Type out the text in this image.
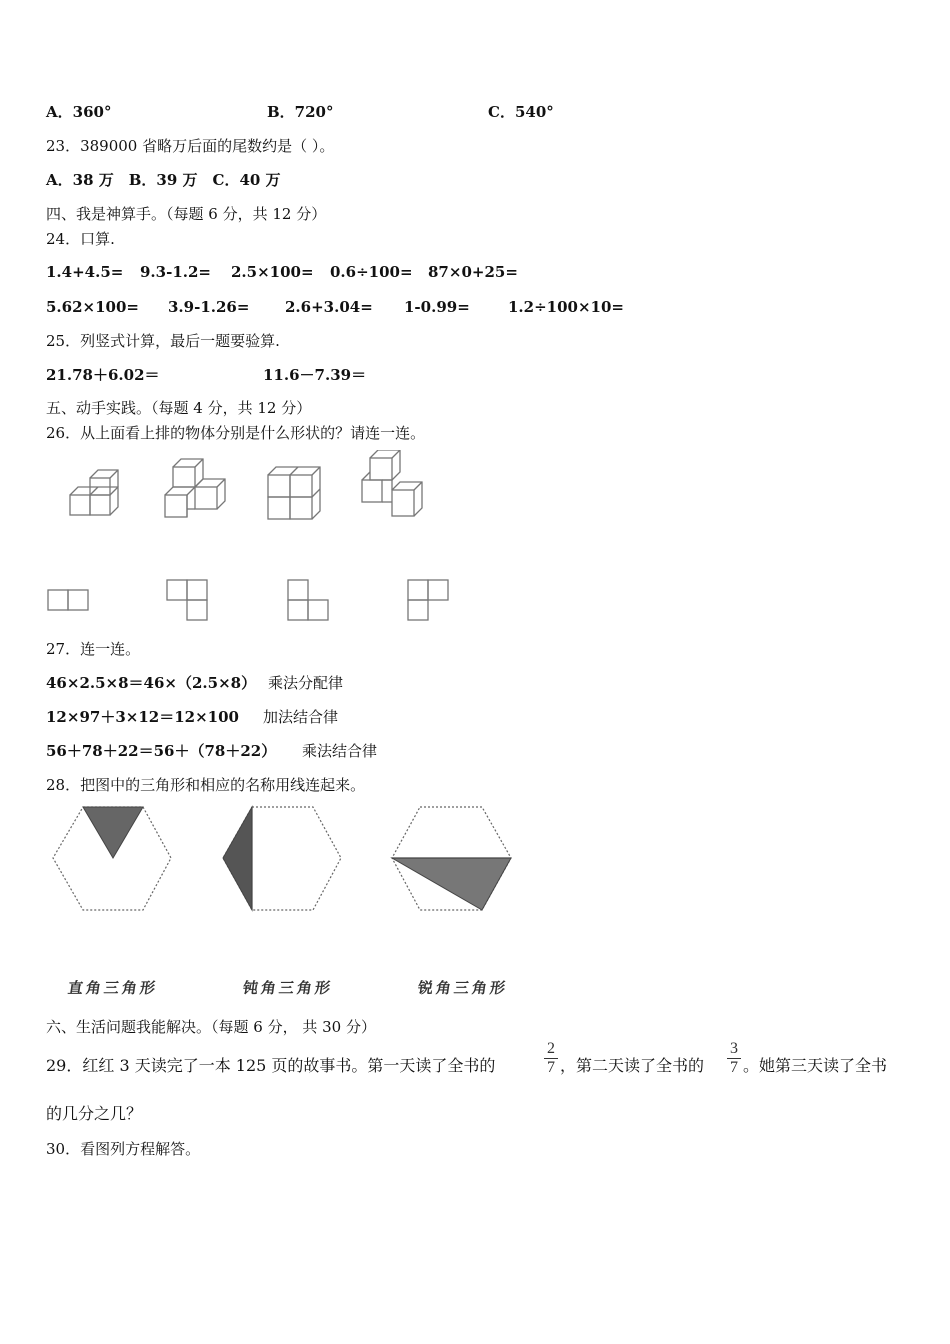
A．360°	B．720°	C．540°
23．389000 省略万后面的尾数约是（ ）。
A．38 万　B．39 万　C．40 万
四、我是神算手。（每题 6 分，共 12 分）
24．口算.
1.4+4.5= 9.3-1.2= 2.5×100= 0.6÷100= 87×0+25=
5.62×100= 3.9-1.26= 2.6+3.04= 1-0.99=	1.2÷100×10=
25．列竖式计算，最后一题要验算.
21.78＋6.02＝	11.6－7.39＝
五、动手实践。（每题 4 分，共 12 分）
26．从上面看上排的物体分别是什么形状的？请连一连。
27．连一连。
46×2.5×8＝46×（2.5×8） 乘法分配律
12×97＋3×12＝12×100 加法结合律
56＋78＋22＝56＋（78＋22） 乘法结合律
28．把图中的三角形和相应的名称用线连起来。
直角三角形	钝角三角形	锐角三角形
六、生活问题我能解决。（每题 6 分， 共 30 分）
29．红红 3 天读完了一本 125 页的故事书。第一天读了全书的
2
7 ，第二天读了全书的
3
7 。她第三天读了全书
的几分之几？
30．看图列方程解答。
